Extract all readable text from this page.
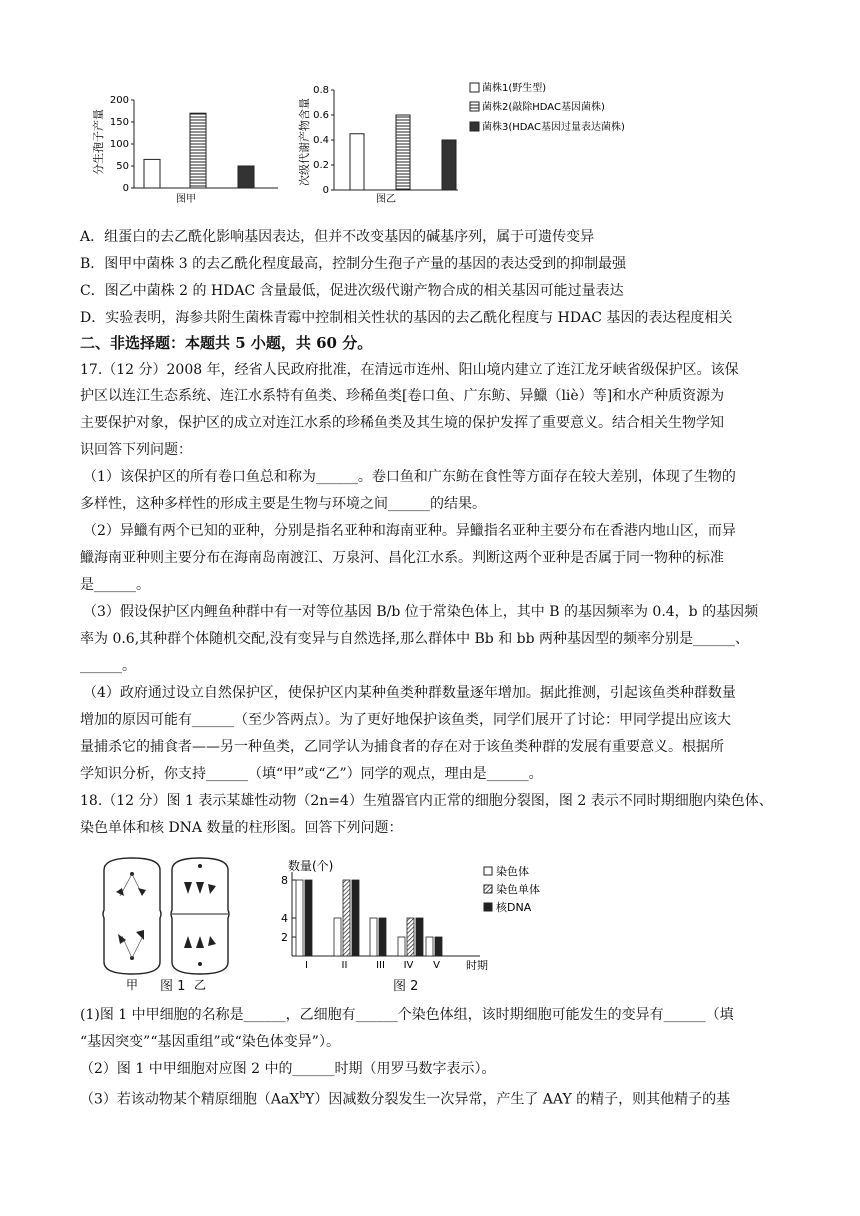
分生孢子产量
200
150
100
50
0
图甲
次级代谢产物含量
0.8
0.6
0.4
0.2
0
图乙
菌株1(野生型)
菌株2(敲除HDAC基因菌株)
菌株3(HDAC基因过量表达菌株)
A．组蛋白的去乙酰化影响基因表达，但并不改变基因的碱基序列，属于可遗传变异
B．图甲中菌株 3 的去乙酰化程度最高，控制分生孢子产量的基因的表达受到的抑制最强
C．图乙中菌株 2 的 HDAC 含量最低，促进次级代谢产物合成的相关基因可能过量表达
D．实验表明，海参共附生菌株青霉中控制相关性状的基因的去乙酰化程度与 HDAC 基因的表达程度相关
二、非选择题：本题共 5 小题，共 60 分。
17.（12 分）2008 年，经省人民政府批准，在清远市连州、阳山境内建立了连江龙牙峡省级保护区。该保
护区以连江生态系统、连江水系特有鱼类、珍稀鱼类[卷口鱼、广东鲂、异鱲（liè）等]和水产种质资源为
主要保护对象，保护区的成立对连江水系的珍稀鱼类及其生境的保护发挥了重要意义。结合相关生物学知
识回答下列问题：
（1）该保护区的所有卷口鱼总和称为______。卷口鱼和广东鲂在食性等方面存在较大差别，体现了生物的
多样性，这种多样性的形成主要是生物与环境之间______的结果。
（2）异鱲有两个已知的亚种，分别是指名亚种和海南亚种。异鱲指名亚种主要分布在香港内地山区，而异
鱲海南亚种则主要分布在海南岛南渡江、万泉河、昌化江水系。判断这两个亚种是否属于同一物种的标准
是______。
（3）假设保护区内鲤鱼种群中有一对等位基因 B/b 位于常染色体上，其中 B 的基因频率为 0.4，b 的基因频
率为 0.6,其种群个体随机交配,没有变异与自然选择,那么群体中 Bb 和 bb 两种基因型的频率分别是______、
______。
（4）政府通过设立自然保护区，使保护区内某种鱼类种群数量逐年增加。据此推测，引起该鱼类种群数量
增加的原因可能有______（至少答两点）。为了更好地保护该鱼类，同学们展开了讨论：甲同学提出应该大
量捕杀它的捕食者——另一种鱼类，乙同学认为捕食者的存在对于该鱼类种群的发展有重要意义。根据所
学知识分析，你支持______（填“甲”或“乙”）同学的观点，理由是______。
18.（12 分）图 1 表示某雄性动物（2n=4）生殖器官内正常的细胞分裂图，图 2 表示不同时期细胞内染色体、
染色单体和核 DNA 数量的柱形图。回答下列问题：
甲	乙
图 1
数量(个)
时期
8
4
2
I	II	III IV V
染色体
染色单体
核DNA
图 2
(1)图 1 中甲细胞的名称是______，乙细胞有______个染色体组，该时期细胞可能发生的变异有______（填
“基因突变”“基因重组”或“染色体变异”）。
（2）图 1 中甲细胞对应图 2 中的______时期（用罗马数字表示）。
（3）若该动物某个精原细胞（AaX$^b$Y）因减数分裂发生一次异常，产生了 AAY 的精子，则其他精子的基
